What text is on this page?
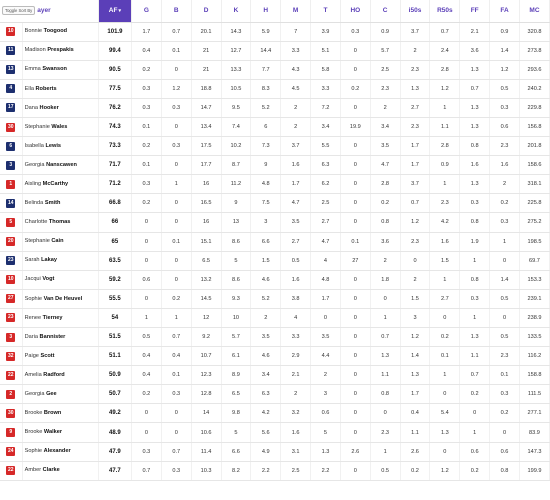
Toggle Sort By ayer		AF▾	G	B	D	K	H	M	T	HO	C	i50s	R50s	FF	FA	MC
10	Bonnie Toogood	101.9	1.7	0.7	20.1	14.3	5.9	7	3.9	0.3	0.9	3.7	0.7	2.1	0.9	320.8
11	Madison Prespakis	99.4	0.4	0.1	21	12.7	14.4	3.3	5.1	0	5.7	2	2.4	3.6	1.4	273.8
13	Emma Swanson	90.5	0.2	0	21	13.3	7.7	4.3	5.8	0	2.5	2.3	2.8	1.3	1.2	293.6
4	Ella Roberts	77.5	0.3	1.2	18.8	10.5	8.3	4.5	3.3	0.2	2.3	1.3	1.2	0.7	0.5	240.2
17	Dana Hooker	76.2	0.3	0.3	14.7	9.5	5.2	2	7.2	0	2	2.7	1	1.3	0.3	229.8
30	Stephanie Wales	74.3	0.1	0	13.4	7.4	6	2	3.4	19.9	3.4	2.3	1.1	1.3	0.6	156.8
6	Isabella Lewis	73.3	0.2	0.3	17.5	10.2	7.3	3.7	5.5	0	3.5	1.7	2.8	0.8	2.3	201.8
3	Georgia Nanscawen	71.7	0.1	0	17.7	8.7	9	1.6	6.3	0	4.7	1.7	0.9	1.6	1.6	158.6
1	Aisling McCarthy	71.2	0.3	1	16	11.2	4.8	1.7	6.2	0	2.8	3.7	1	1.3	2	318.1
14	Belinda Smith	66.8	0.2	0	16.5	9	7.5	4.7	2.5	0	0.2	0.7	2.3	0.3	0.2	225.8
5	Charlotte Thomas	66	0	0	16	13	3	3.5	2.7	0	0.8	1.2	4.2	0.8	0.3	275.2
20	Stephanie Cain	65	0	0.1	15.1	8.6	6.6	2.7	4.7	0.1	3.6	2.3	1.6	1.9	1	198.5
23	Sarah Lakay	63.5	0	0	6.5	5	1.5	0.5	4	27	2	0	1.5	1	0	69.7
10	Jacqui Vogt	59.2	0.6	0	13.2	8.6	4.6	1.6	4.8	0	1.8	2	1	0.8	1.4	153.3
27	Sophie Van De Heuvel	55.5	0	0.2	14.5	9.3	5.2	3.8	1.7	0	0	1.5	2.7	0.3	0.5	239.1
23	Renee Tierney	54	1	1	12	10	2	4	0	0	1	3	0	1	0	238.9
3	Daria Bannister	51.5	0.5	0.7	9.2	5.7	3.5	3.3	3.5	0	0.7	1.2	0.2	1.3	0.5	133.5
32	Paige Scott	51.1	0.4	0.4	10.7	6.1	4.6	2.9	4.4	0	1.3	1.4	0.1	1.1	2.3	116.2
22	Amelia Radford	50.9	0.4	0.1	12.3	8.9	3.4	2.1	2	0	1.1	1.3	1	0.7	0.1	158.8
2	Georgia Gee	50.7	0.2	0.3	12.8	6.5	6.3	2	3	0	0.8	1.7	0	0.2	0.3	111.5
30	Brooke Brown	49.2	0	0	14	9.8	4.2	3.2	0.6	0	0	0.4	5.4	0	0.2	277.1
9	Brooke Walker	48.9	0	0	10.6	5	5.6	1.6	5	0	2.3	1.1	1.3	1	0	83.9
24	Sophie Alexander	47.9	0.3	0.7	11.4	6.6	4.9	3.1	1.3	2.6	1	2.6	0	0.6	0.6	147.3
22	Amber Clarke	47.7	0.7	0.3	10.3	8.2	2.2	2.5	2.2	0	0.5	0.2	1.2	0.2	0.8	199.9
